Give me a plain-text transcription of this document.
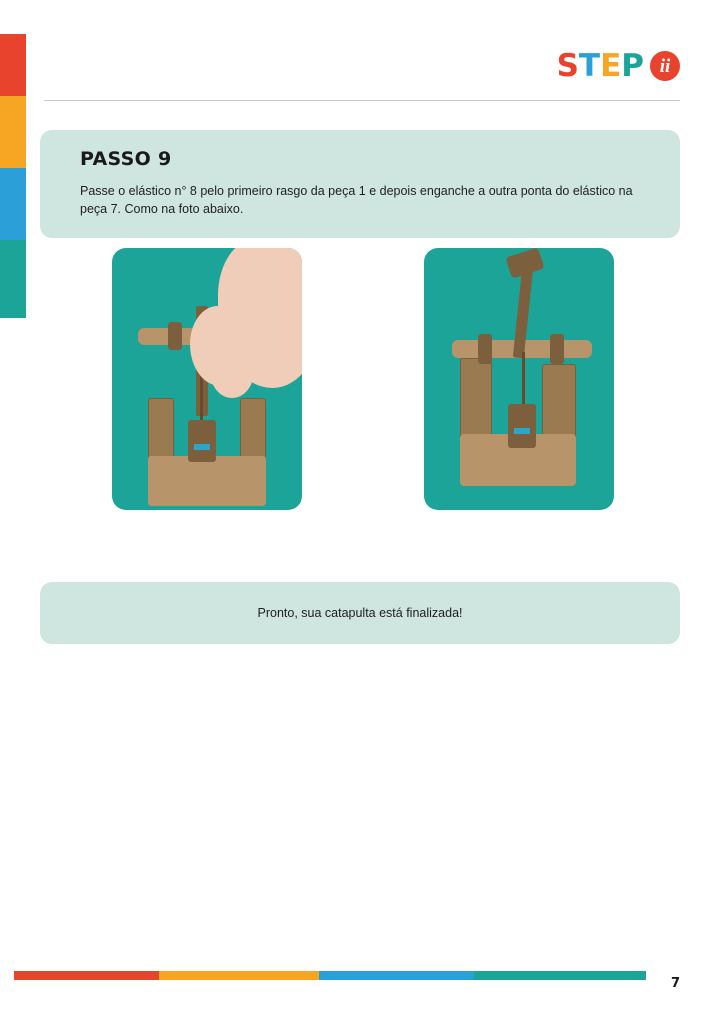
S T E P ii
PASSO 9

Passe o elástico n° 8 pelo primeiro rasgo da peça 1 e depois enganche a outra ponta do elástico na peça 7. Como na foto abaixo.

Pronto, sua catapulta está finalizada!
7
